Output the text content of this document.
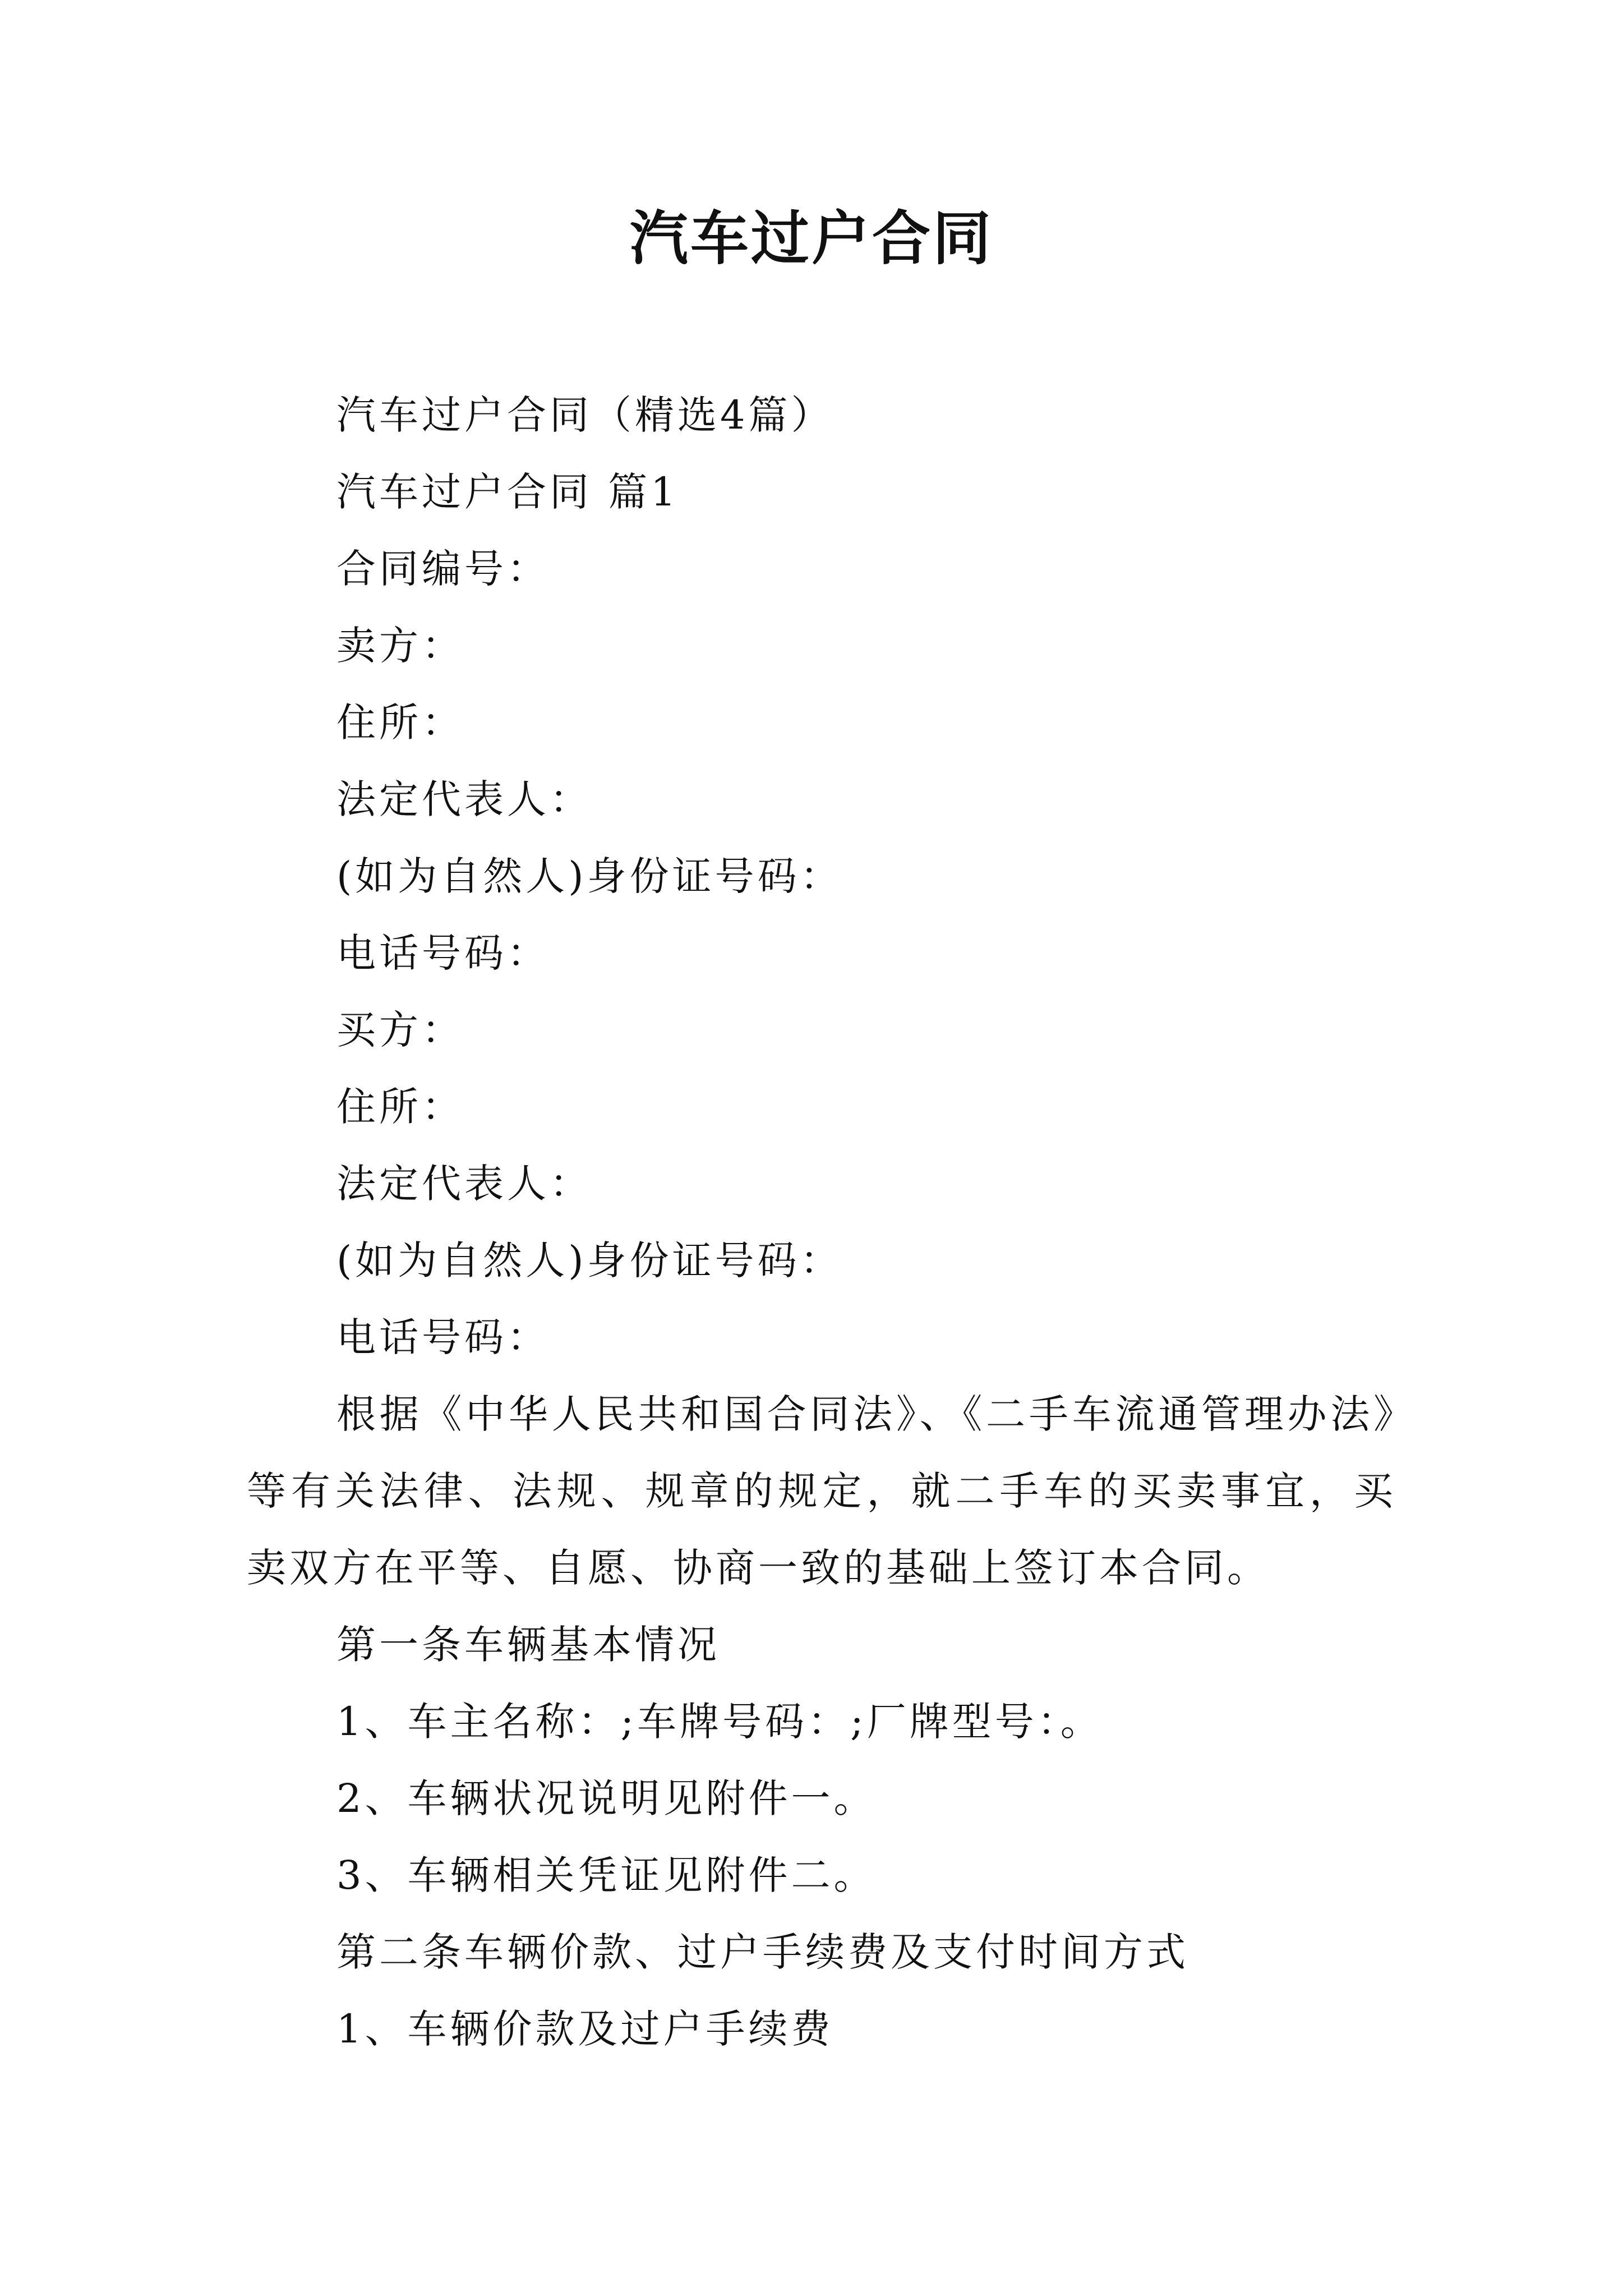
汽车过户合同
汽车过户合同（精选4篇）
汽车过户合同 篇1
合同编号：
卖方：
住所：
法定代表人：
(如为自然人)身份证号码：
电话号码：
买方：
住所：
法定代表人：
(如为自然人)身份证号码：
电话号码：
根据《中华人民共和国合同法》、《二手车流通管理办法》等有关法律、法规、规章的规定，就二手车的买卖事宜，买卖双方在平等、自愿、协商一致的基础上签订本合同。
第一条车辆基本情况
1、车主名称：;车牌号码：;厂牌型号：。
2、车辆状况说明见附件一。
3、车辆相关凭证见附件二。
第二条车辆价款、过户手续费及支付时间方式
1、车辆价款及过户手续费
